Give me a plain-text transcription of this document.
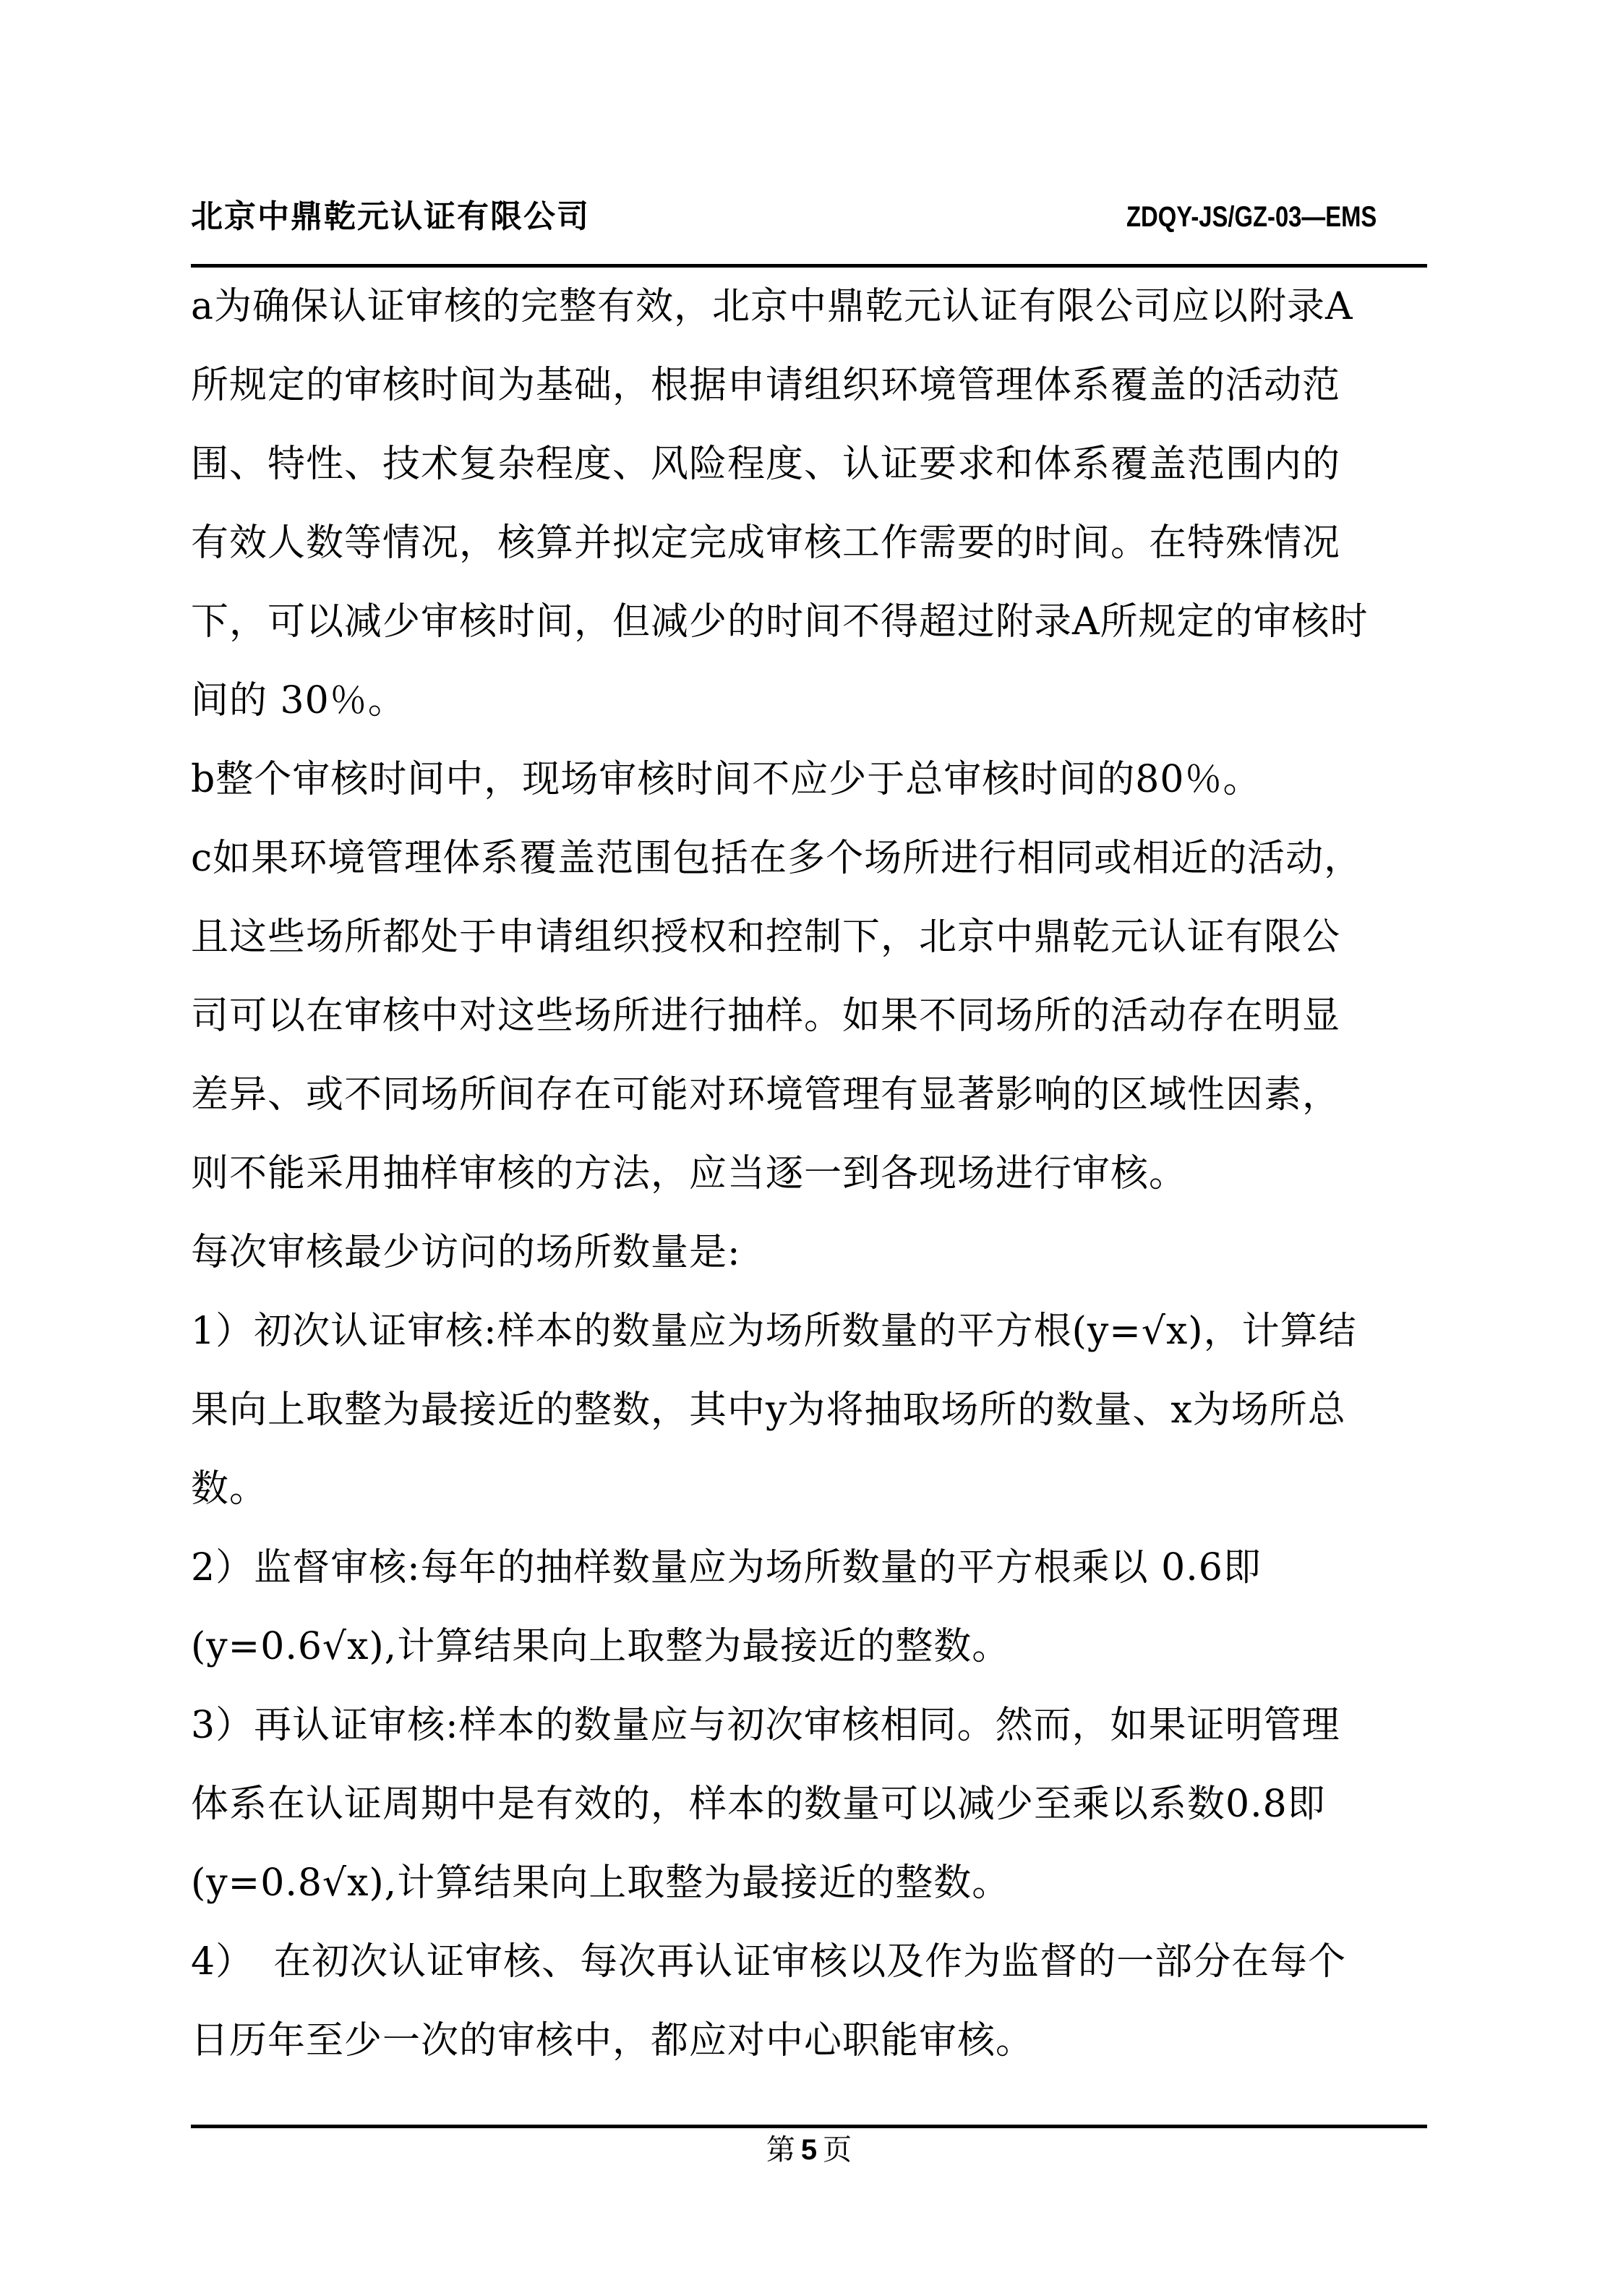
北京中鼎乾元认证有限公司	ZDQY-JS/GZ-03—EMS
a为确保认证审核的完整有效，北京中鼎乾元认证有限公司应以附录A
所规定的审核时间为基础，根据申请组织环境管理体系覆盖的活动范
围、特性、技术复杂程度、风险程度、认证要求和体系覆盖范围内的
有效人数等情况，核算并拟定完成审核工作需要的时间。在特殊情况
下，可以减少审核时间，但减少的时间不得超过附录A所规定的审核时
间的 30％。
b整个审核时间中，现场审核时间不应少于总审核时间的80％。
c如果环境管理体系覆盖范围包括在多个场所进行相同或相近的活动，
且这些场所都处于申请组织授权和控制下，北京中鼎乾元认证有限公
司可以在审核中对这些场所进行抽样。如果不同场所的活动存在明显
差异、或不同场所间存在可能对环境管理有显著影响的区域性因素，
则不能采用抽样审核的方法，应当逐一到各现场进行审核。
每次审核最少访问的场所数量是:
1）初次认证审核:样本的数量应为场所数量的平方根(y=√x)，计算结
果向上取整为最接近的整数，其中y为将抽取场所的数量、x为场所总
数。
2）监督审核:每年的抽样数量应为场所数量的平方根乘以 0.6即
(y=0.6√x),计算结果向上取整为最接近的整数。
3）再认证审核:样本的数量应与初次审核相同。然而，如果证明管理
体系在认证周期中是有效的，样本的数量可以减少至乘以系数0.8即
(y=0.8√x),计算结果向上取整为最接近的整数。
4）　在初次认证审核、每次再认证审核以及作为监督的一部分在每个
日历年至少一次的审核中，都应对中心职能审核。
第 5 页
